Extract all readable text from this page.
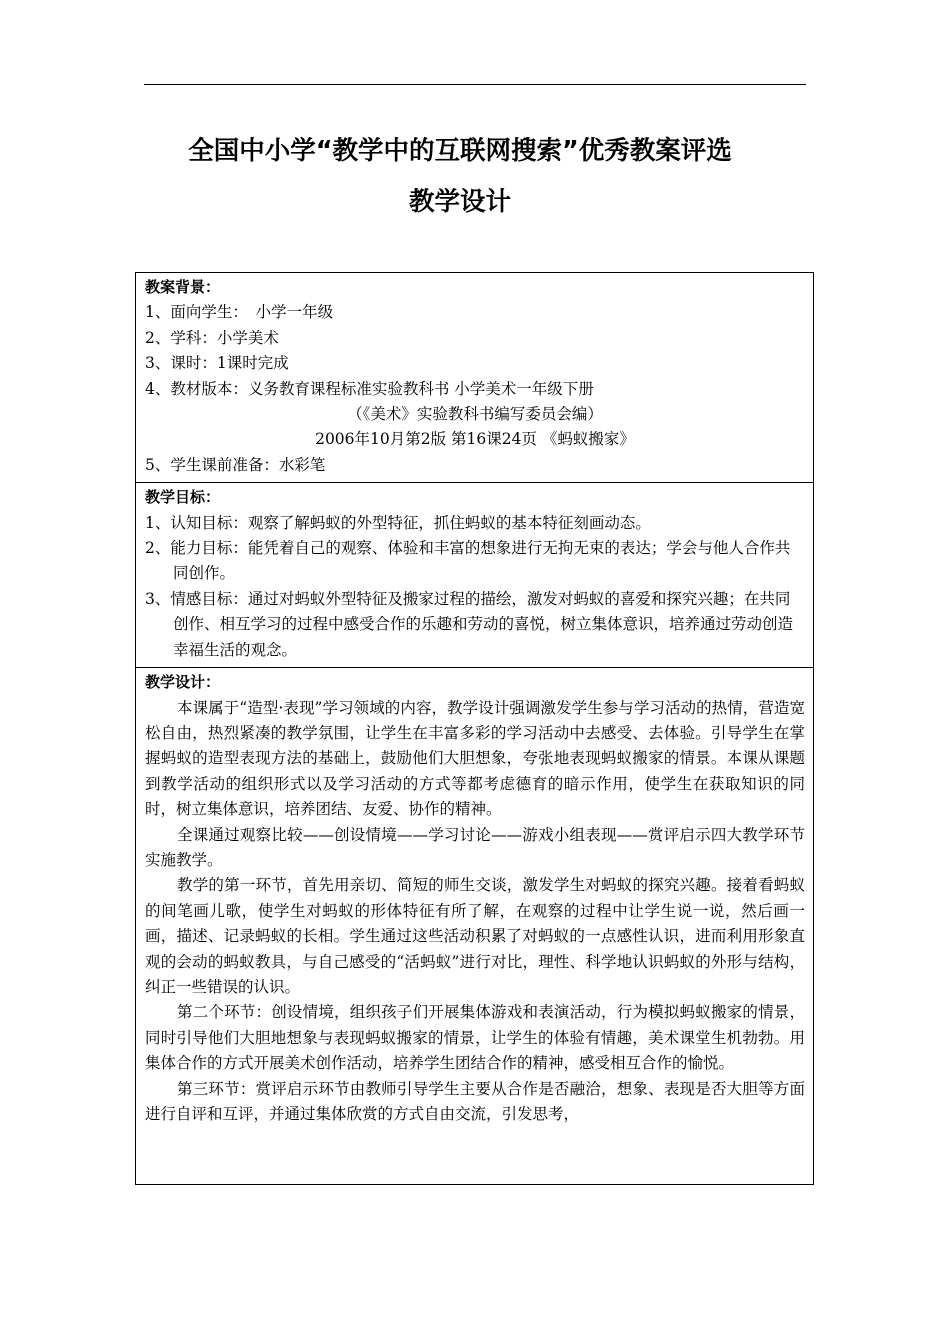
全国中小学“教学中的互联网搜索”优秀教案评选
教学设计
教案背景：
1、面向学生：　小学一年级
2、学科：小学美术
3、课时：1课时完成
4、教材版本：义务教育课程标准实验教科书 小学美术一年级下册
（《美术》实验教科书编写委员会编）
2006年10月第2版 第16课24页 《蚂蚁搬家》
5、学生课前准备：水彩笔

教学目标：
1、认知目标：观察了解蚂蚁的外型特征，抓住蚂蚁的基本特征刻画动态。
2、能力目标：能凭着自己的观察、体验和丰富的想象进行无拘无束的表达；学会与他人合作共同创作。
3、情感目标：通过对蚂蚁外型特征及搬家过程的描绘，激发对蚂蚁的喜爱和探究兴趣；在共同创作、相互学习的过程中感受合作的乐趣和劳动的喜悦，树立集体意识，培养通过劳动创造幸福生活的观念。

教学设计：
本课属于“造型·表现”学习领域的内容，教学设计强调激发学生参与学习活动的热情，营造宽松自由，热烈紧凑的教学氛围，让学生在丰富多彩的学习活动中去感受、去体验。引导学生在掌握蚂蚁的造型表现方法的基础上，鼓励他们大胆想象，夸张地表现蚂蚁搬家的情景。本课从课题到教学活动的组织形式以及学习活动的方式等都考虑德育的暗示作用，使学生在获取知识的同时，树立集体意识，培养团结、友爱、协作的精神。
全课通过观察比较——创设情境——学习讨论——游戏小组表现——赏评启示四大教学环节实施教学。
教学的第一环节，首先用亲切、简短的师生交谈，激发学生对蚂蚁的探究兴趣。接着看蚂蚁的间笔画儿歌，使学生对蚂蚁的形体特征有所了解，在观察的过程中让学生说一说，然后画一画，描述、记录蚂蚁的长相。学生通过这些活动积累了对蚂蚁的一点感性认识，进而利用形象直观的会动的蚂蚁教具，与自己感受的“活蚂蚁”进行对比，理性、科学地认识蚂蚁的外形与结构，纠正一些错误的认识。
第二个环节：创设情境，组织孩子们开展集体游戏和表演活动，行为模拟蚂蚁搬家的情景，同时引导他们大胆地想象与表现蚂蚁搬家的情景，让学生的体验有情趣，美术课堂生机勃勃。用集体合作的方式开展美术创作活动，培养学生团结合作的精神，感受相互合作的愉悦。
第三环节：赏评启示环节由教师引导学生主要从合作是否融洽，想象、表现是否大胆等方面进行自评和互评，并通过集体欣赏的方式自由交流，引发思考，
